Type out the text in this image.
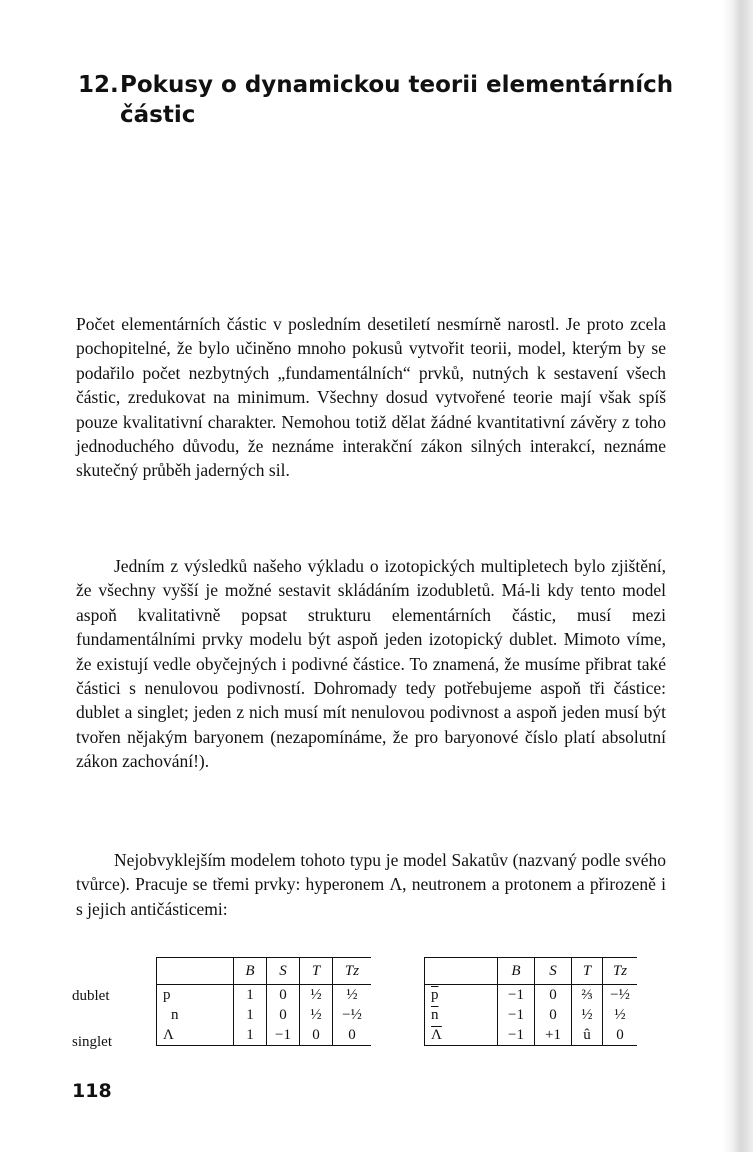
12. Pokusy o dynamickou teorii elementárních
částic
Počet elementárních částic v posledním desetiletí nesmírně narostl. Je proto zcela pochopitelné, že bylo učiněno mnoho pokusů vytvořit teorii, model, kterým by se podařilo počet nezbytných „fundamentálních“ prvků, nutných k sestavení všech částic, zredukovat na minimum. Všechny dosud vytvořené teorie mají však spíš pouze kvalitativní charakter. Nemohou totiž dělat žádné kvantitativní závěry z toho jednoduchého důvodu, že neznáme interakční zákon silných interakcí, neznáme skutečný průběh jaderných sil.
Jedním z výsledků našeho výkladu o izotopických multipletech bylo zjištění, že všechny vyšší je možné sestavit skládáním izodubletů. Má-li kdy tento model aspoň kvalitativně popsat strukturu elementárních částic, musí mezi fundamentálními prvky modelu být aspoň jeden izotopický dublet. Mimoto víme, že existují vedle obyčejných i podivné částice. To znamená, že musíme přibrat také částici s nenulovou podivností. Dohromady tedy potřebujeme aspoň tři částice: dublet a singlet; jeden z nich musí mít nenulovou podivnost a aspoň jeden musí být tvořen nějakým baryonem (nezapomínáme, že pro baryonové číslo platí absolutní zákon zachování!).
Nejobvyklejším modelem tohoto typu je model Sakatův (nazvaný podle svého tvůrce). Pracuje se třemi prvky: hyperonem Λ, neutronem a protonem a přirozeně i s jejich antičásticemi:
dublet
singlet
	B	S	T	Tz
p	1	0	½	½
n	1	0	½	−½
Λ	1	−1	0	0
	B	S	T	Tz
$\overline{p}$	−1	0	⅔	−½
$\overline{n}$	−1	0	½	½
$\overline{\Lambda}$	−1	+1	û	0
118
